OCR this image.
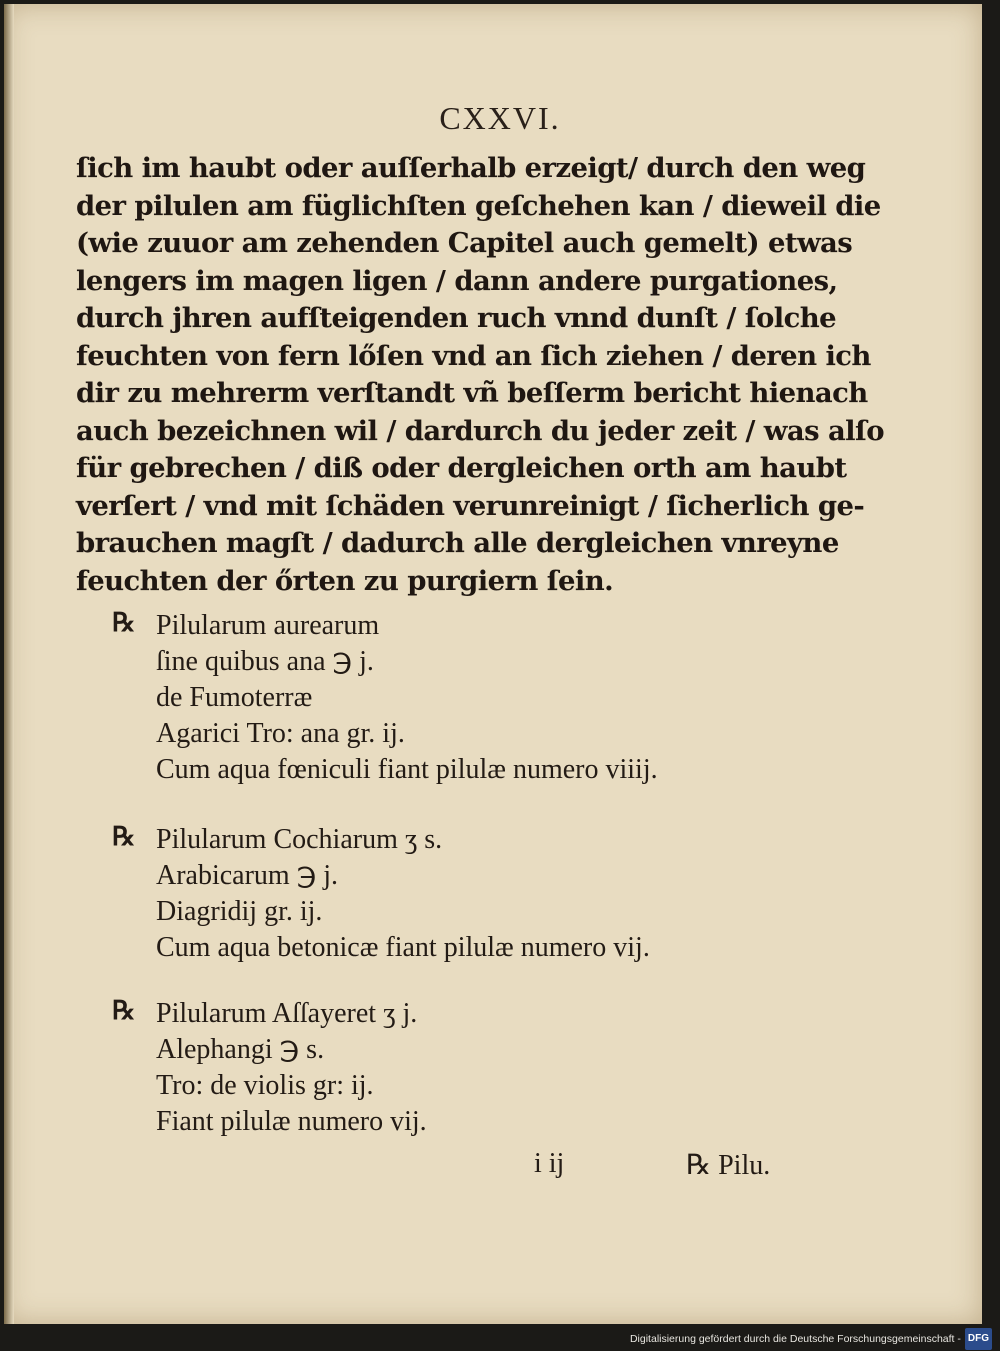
CXXVI.
ſich im haubt oder auſſerhalb erzeigt/ durch den weg
der pilulen am füglichſten geſchehen kan / dieweil die
(wie zuuor am zehenden Capitel auch gemelt) etwas
lengers im magen ligen / dann andere purgationes,
durch jhren aufſteigenden ruch vnnd dunſt / ſolche
feuchten von fern lőſen vnd an ſich ziehen / deren ich
dir zu mehrerm verſtandt vñ beſſerm bericht hienach
auch bezeichnen wil / dardurch du jeder zeit / was alſo
für gebrechen / diß oder dergleichen orth am haubt
verſert / vnd mit ſchäden verunreinigt / ſicherlich ge-
brauchen magſt / dadurch alle dergleichen vnreyne
feuchten der őrten zu purgiern ſein.
℞ Pilularum aurearum
ſine quibus ana ℈ j.
de Fumoterræ
Agarici Tro: ana gr. ij.
Cum aqua fœniculi fiant pilulæ numero viiij.
℞ Pilularum Cochiarum ʒ s.
Arabicarum ℈ j.
Diagridij gr. ij.
Cum aqua betonicæ fiant pilulæ numero vij.
℞ Pilularum Aſſayeret ʒ j.
Alephangi ℈ s.
Tro: de violis gr: ij.
Fiant pilulæ numero vij.
i ij	℞ Pilu.
Digitalisierung gefördert durch die Deutsche Forschungsgemeinschaft - DFG
